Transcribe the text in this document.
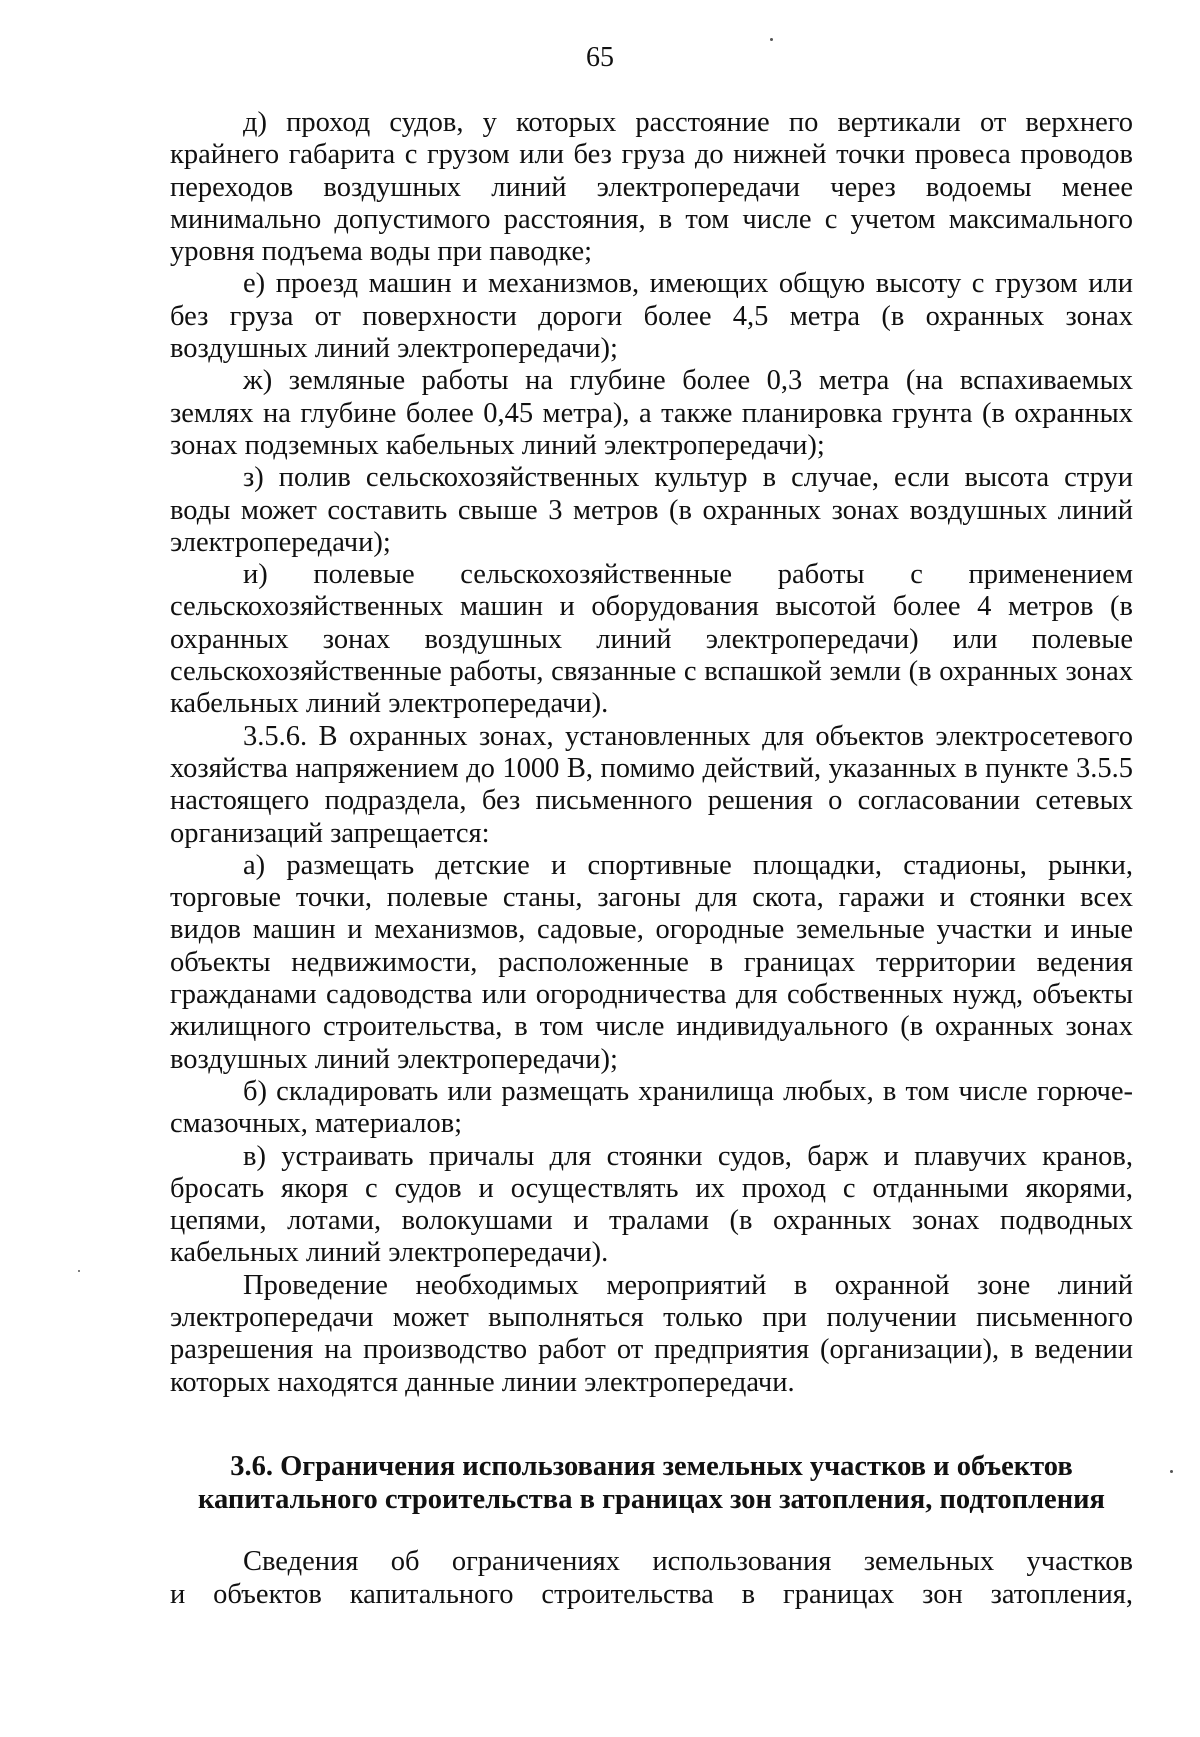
65

д) проход судов, у которых расстояние по вертикали от верхнего крайнего габарита с грузом или без груза до нижней точки провеса проводов переходов воздушных линий электропередачи через водоемы менее минимально допустимого расстояния, в том числе с учетом максимального уровня подъема воды при паводке;

е) проезд машин и механизмов, имеющих общую высоту с грузом или без груза от поверхности дороги более 4,5 метра (в охранных зонах воздушных линий электропередачи);

ж) земляные работы на глубине более 0,3 метра (на вспахиваемых землях на глубине более 0,45 метра), а также планировка грунта (в охранных зонах подземных кабельных линий электропередачи);

з) полив сельскохозяйственных культур в случае, если высота струи воды может составить свыше 3 метров (в охранных зонах воздушных линий электропередачи);

и) полевые сельскохозяйственные работы с применением сельскохозяйственных машин и оборудования высотой более 4 метров (в охранных зонах воздушных линий электропередачи) или полевые сельскохозяйственные работы, связанные с вспашкой земли (в охранных зонах кабельных линий электропередачи).

3.5.6. В охранных зонах, установленных для объектов электросетевого хозяйства напряжением до 1000 В, помимо действий, указанных в пункте 3.5.5 настоящего подраздела, без письменного решения о согласовании сетевых организаций запрещается:

а) размещать детские и спортивные площадки, стадионы, рынки, торговые точки, полевые станы, загоны для скота, гаражи и стоянки всех видов машин и механизмов, садовые, огородные земельные участки и иные объекты недвижимости, расположенные в границах территории ведения гражданами садоводства или огородничества для собственных нужд, объекты жилищного строительства, в том числе индивидуального (в охранных зонах воздушных линий электропередачи);

б) складировать или размещать хранилища любых, в том числе горюче-смазочных, материалов;

в) устраивать причалы для стоянки судов, барж и плавучих кранов, бросать якоря с судов и осуществлять их проход с отданными якорями, цепями, лотами, волокушами и тралами (в охранных зонах подводных кабельных линий электропередачи).

Проведение необходимых мероприятий в охранной зоне линий электропередачи может выполняться только при получении письменного разрешения на производство работ от предприятия (организации), в ведении которых находятся данные линии электропередачи.

3.6. Ограничения использования земельных участков и объектов
капитального строительства в границах зон затопления, подтопления

Сведения об ограничениях использования земельных участков

и объектов капитального строительства в границах зон затопления,
